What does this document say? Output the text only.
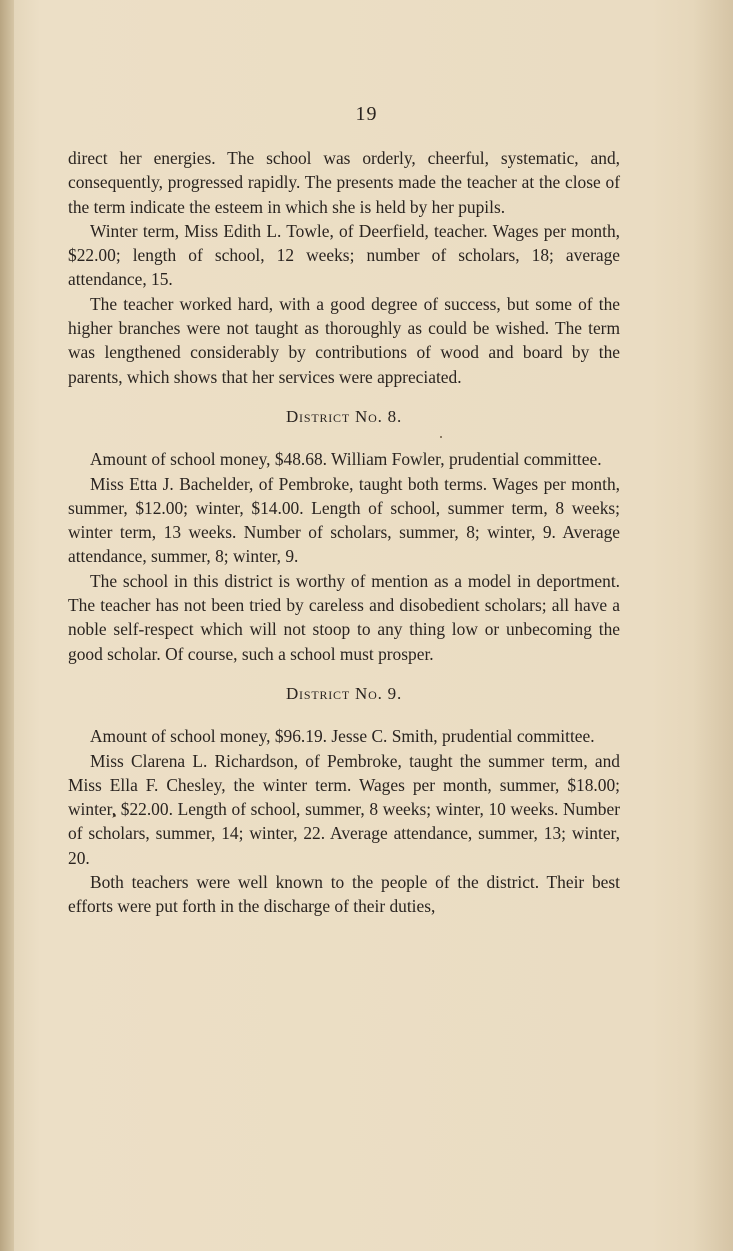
19

direct her energies. The school was orderly, cheerful, systematic, and, consequently, progressed rapidly. The presents made the teacher at the close of the term indicate the esteem in which she is held by her pupils.

Winter term, Miss Edith L. Towle, of Deerfield, teacher. Wages per month, $22.00; length of school, 12 weeks; number of scholars, 18; average attendance, 15.

The teacher worked hard, with a good degree of success, but some of the higher branches were not taught as thoroughly as could be wished. The term was lengthened considerably by contributions of wood and board by the parents, which shows that her services were appreciated.

District No. 8.

Amount of school money, $48.68. William Fowler, prudential committee.

Miss Etta J. Bachelder, of Pembroke, taught both terms. Wages per month, summer, $12.00; winter, $14.00. Length of school, summer term, 8 weeks; winter term, 13 weeks. Number of scholars, summer, 8; winter, 9. Average attendance, summer, 8; winter, 9.

The school in this district is worthy of mention as a model in deportment. The teacher has not been tried by careless and disobedient scholars; all have a noble self-respect which will not stoop to any thing low or unbecoming the good scholar. Of course, such a school must prosper.

District No. 9.

Amount of school money, $96.19. Jesse C. Smith, prudential committee.

Miss Clarena L. Richardson, of Pembroke, taught the summer term, and Miss Ella F. Chesley, the winter term. Wages per month, summer, $18.00; winter, $22.00. Length of school, summer, 8 weeks; winter, 10 weeks. Number of scholars, summer, 14; winter, 22. Average attendance, summer, 13; winter, 20.

Both teachers were well known to the people of the district. Their best efforts were put forth in the discharge of their duties,
